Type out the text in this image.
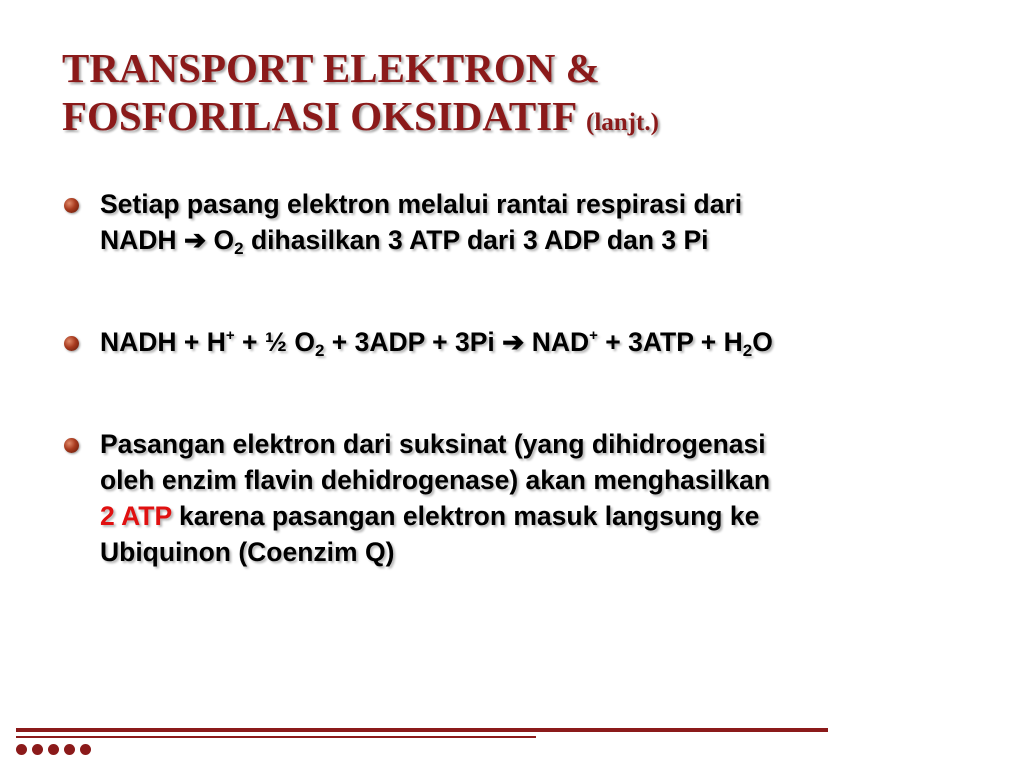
TRANSPORT ELEKTRON &
FOSFORILASI OKSIDATIF (lanjt.)
Setiap pasang elektron melalui rantai respirasi dari
NADH ➔ $O_2$ dihasilkan 3 ATP dari 3 ADP dan 3 Pi
NADH + H+ + ½ $O_2 + 3ADP + 3Pi$ ➔ $NAD^+ + 3ATP + H_2O$
Pasangan elektron dari suksinat (yang dihidrogenasi
oleh enzim flavin dehidrogenase) akan menghasilkan
2 ATP karena pasangan elektron masuk langsung ke
Ubiquinon (Coenzim Q)
